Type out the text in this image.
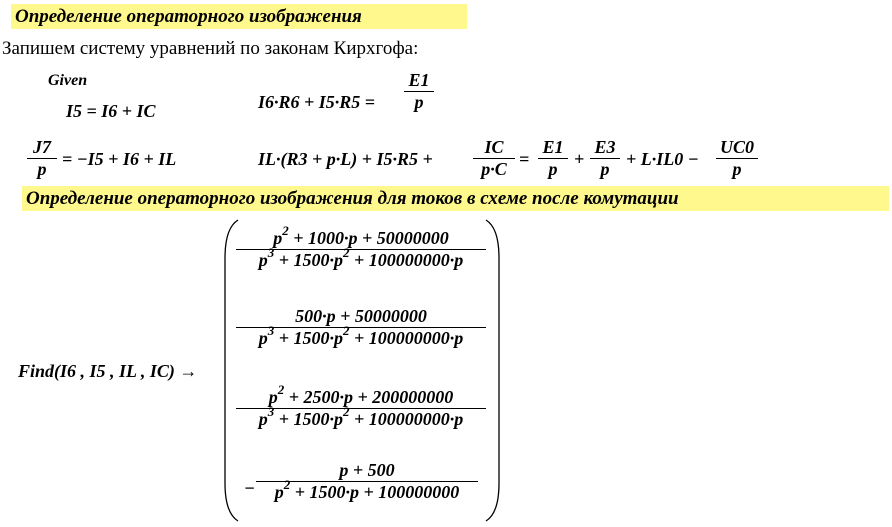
Определение операторного изображения
Запишем систему уравнений по законам Кирхгофа:
Given
I5 = I6 + IC	I6·R6 + I5·R5 =
E1
p
J7
p = −I5 + I6 + IL	IL·(R3 + p·L) + I5·R5 +
IC
p·C =
E1
p +
E3
p + L·IL0 −
UC0
p
Определение операторного изображения для токов в схеме после комутации
Find(I6 , I5 , IL , IC) →
$p^2 + 1000\cdot p + 50000000$
$p^3 + 1500\cdot p^2 + 100000000\cdot p$
500·p + 50000000
$p^3 + 1500\cdot p^2 + 100000000\cdot p$
$p^2 + 2500\cdot p + 200000000$
$p^3 + 1500\cdot p^2 + 100000000\cdot p$
−
p + 500
$p^2 + 1500\cdot p + 100000000$
